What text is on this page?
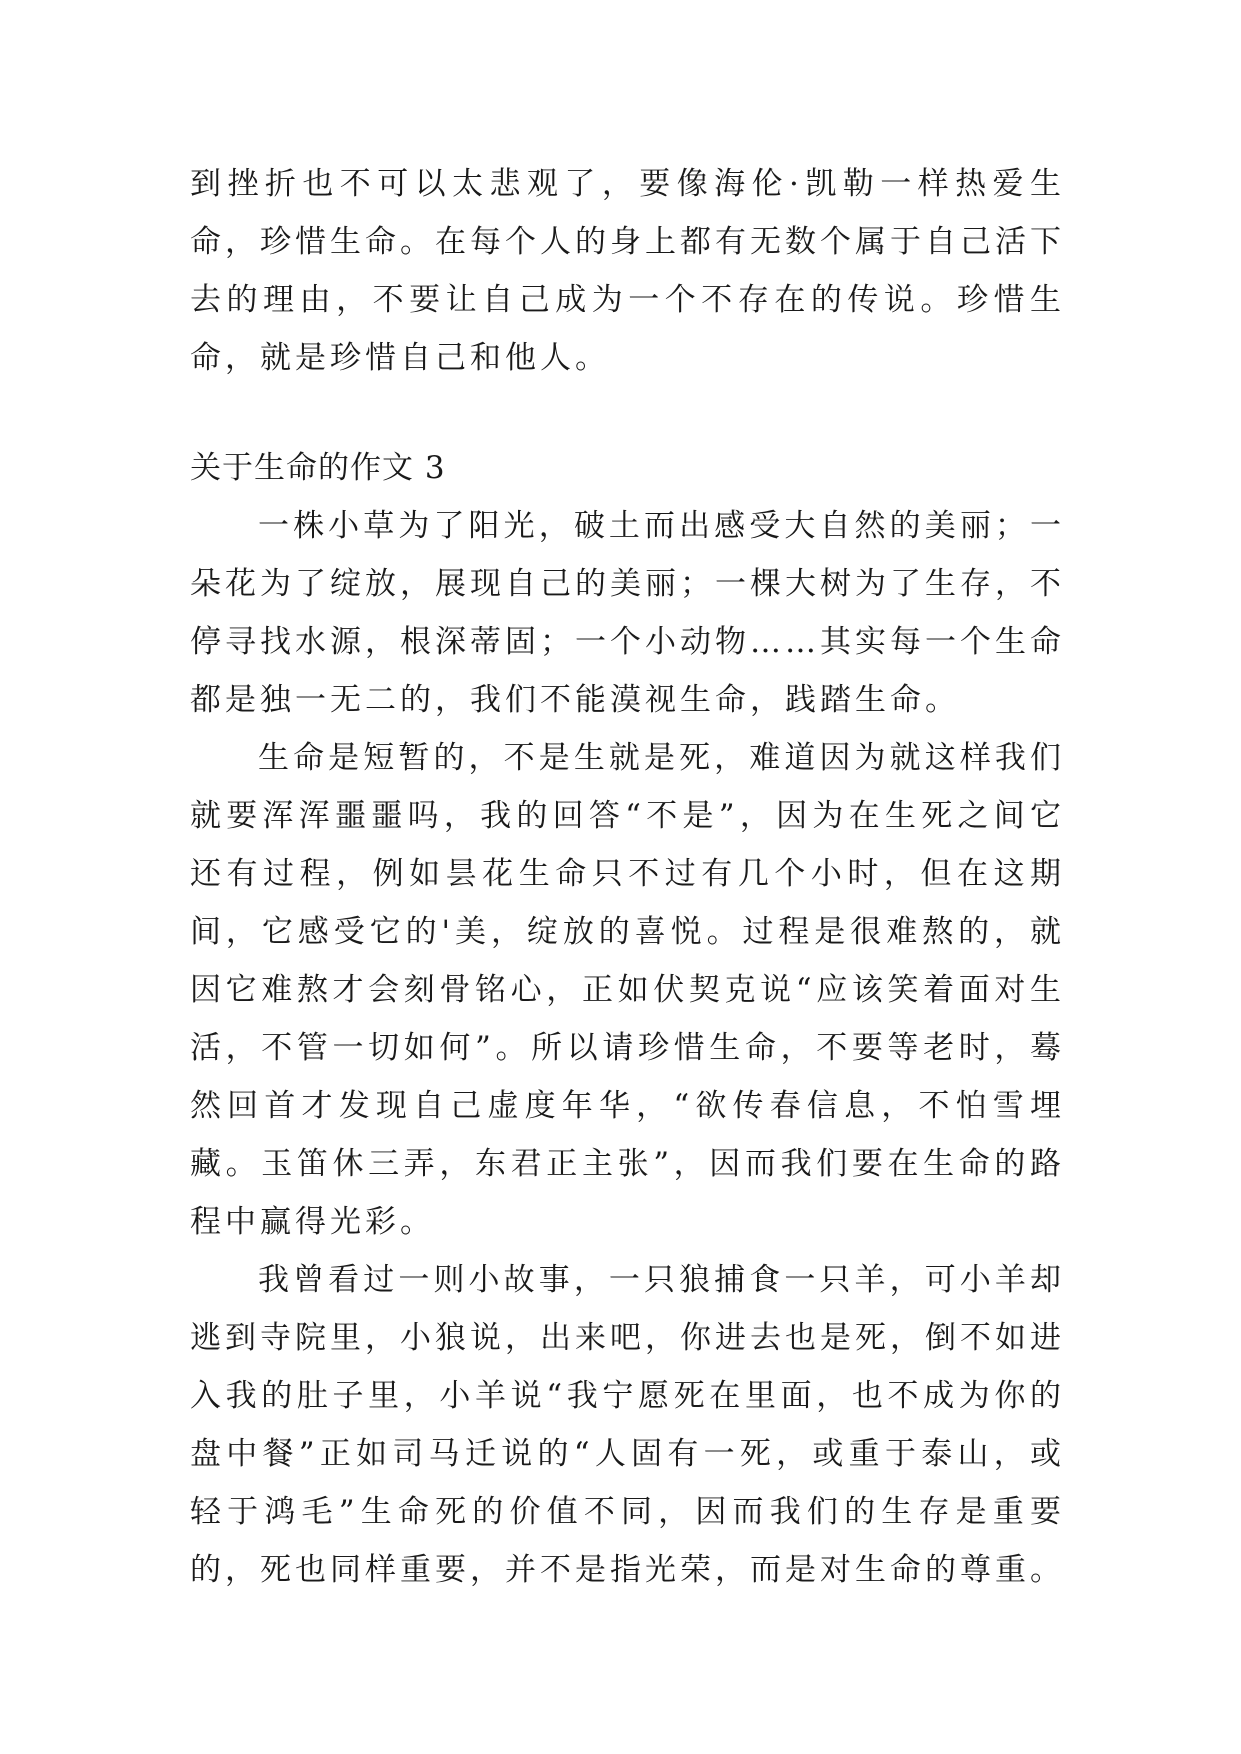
到挫折也不可以太悲观了，要像海伦·凯勒一样热爱生命，珍惜生命。在每个人的身上都有无数个属于自己活下去的理由，不要让自己成为一个不存在的传说。珍惜生命，就是珍惜自己和他人。

关于生命的作文 3

一株小草为了阳光，破土而出感受大自然的美丽；一朵花为了绽放，展现自己的美丽；一棵大树为了生存，不停寻找水源，根深蒂固；一个小动物……其实每一个生命都是独一无二的，我们不能漠视生命，践踏生命。

生命是短暂的，不是生就是死，难道因为就这样我们就要浑浑噩噩吗，我的回答“不是”，因为在生死之间它还有过程，例如昙花生命只不过有几个小时，但在这期间，它感受它的'美，绽放的喜悦。过程是很难熬的，就因它难熬才会刻骨铭心，正如伏契克说“应该笑着面对生活，不管一切如何”。所以请珍惜生命，不要等老时，蓦然回首才发现自己虚度年华，“欲传春信息，不怕雪埋藏。玉笛休三弄，东君正主张”，因而我们要在生命的路程中赢得光彩。

我曾看过一则小故事，一只狼捕食一只羊，可小羊却逃到寺院里，小狼说，出来吧，你进去也是死，倒不如进入我的肚子里，小羊说“我宁愿死在里面，也不成为你的盘中餐”正如司马迁说的“人固有一死，或重于泰山，或轻于鸿毛”生命死的价值不同，因而我们的生存是重要的，死也同样重要，并不是指光荣，而是对生命的尊重。
